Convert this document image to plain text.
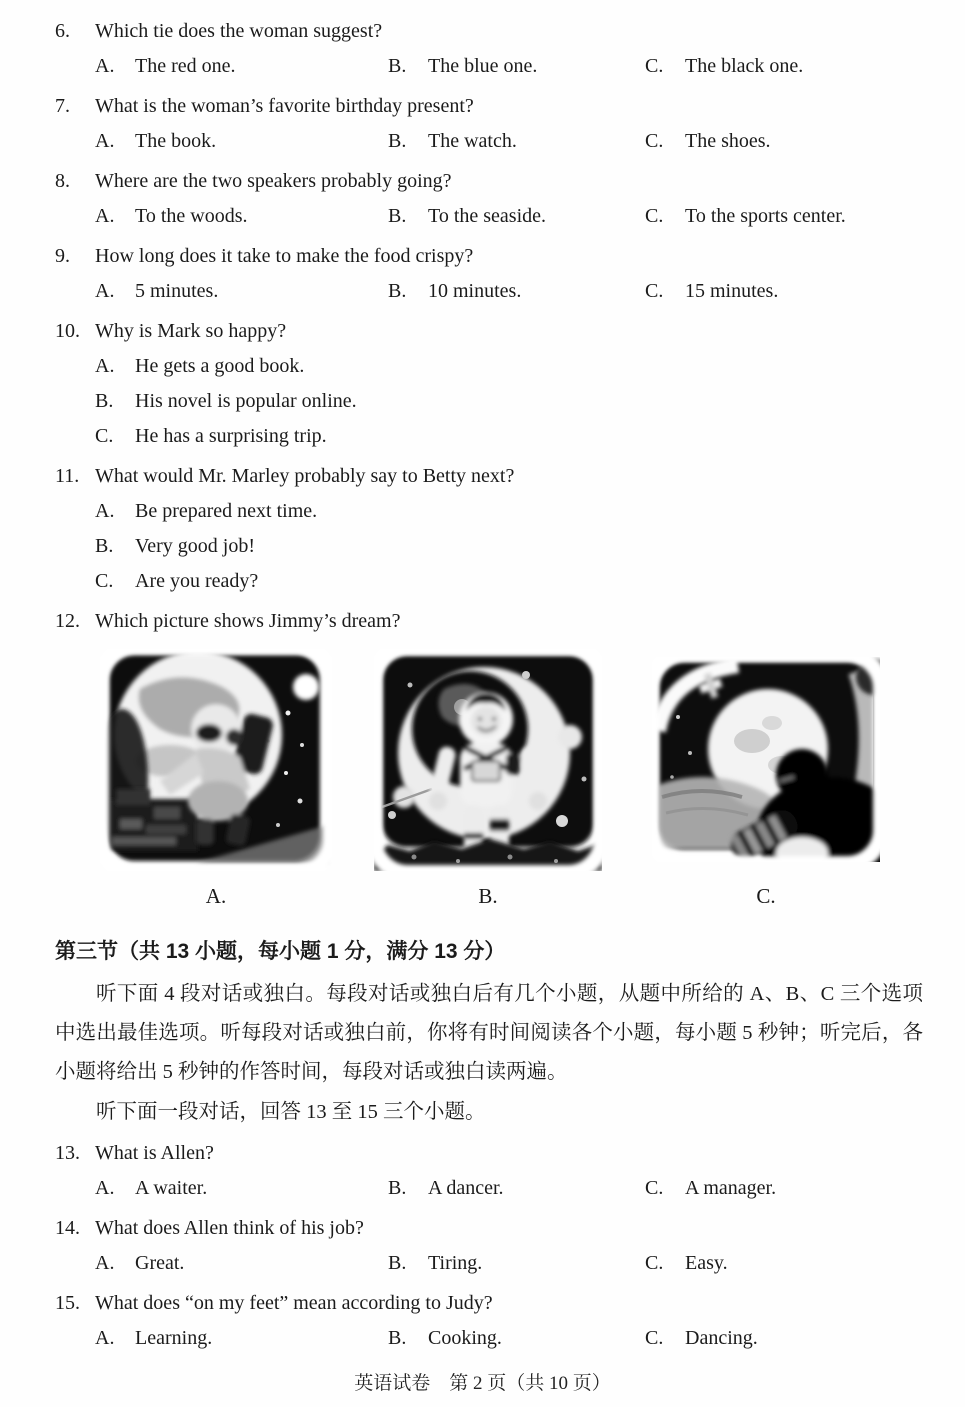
6.	Which tie does the woman suggest?
A. The red one.	B. The blue one.	C. The black one.
7.	What is the woman’s favorite birthday present?
A. The book.	B. The watch.	C. The shoes.
8.	Where are the two speakers probably going?
A. To the woods.	B. To the seaside.	C. To the sports center.
9.	How long does it take to make the food crispy?
A. 5 minutes.	B. 10 minutes.	C. 15 minutes.
10. Why is Mark so happy?
A. He gets a good book.
B. His novel is popular online.
C. He has a surprising trip.
11. What would Mr. Marley probably say to Betty next?
A. Be prepared next time.
B. Very good job!
C. Are you ready?
12. Which picture shows Jimmy’s dream?
A.	B.	C.
第三节（共 13 小题，每小题 1 分，满分 13 分）
听下面 4 段对话或独白。每段对话或独白后有几个小题，从题中所给的 A、B、C 三个选项中选出最佳选项。听每段对话或独白前，你将有时间阅读各个小题，每小题 5 秒钟；听完后，各小题将给出 5 秒钟的作答时间，每段对话或独白读两遍。
听下面一段对话，回答 13 至 15 三个小题。
13. What is Allen?
A. A waiter.	B. A dancer.	C. A manager.
14. What does Allen think of his job?
A. Great.	B. Tiring.	C. Easy.
15. What does “on my feet” mean according to Judy?
A. Learning.	B. Cooking.	C. Dancing.
英语试卷　第 2 页（共 10 页）
